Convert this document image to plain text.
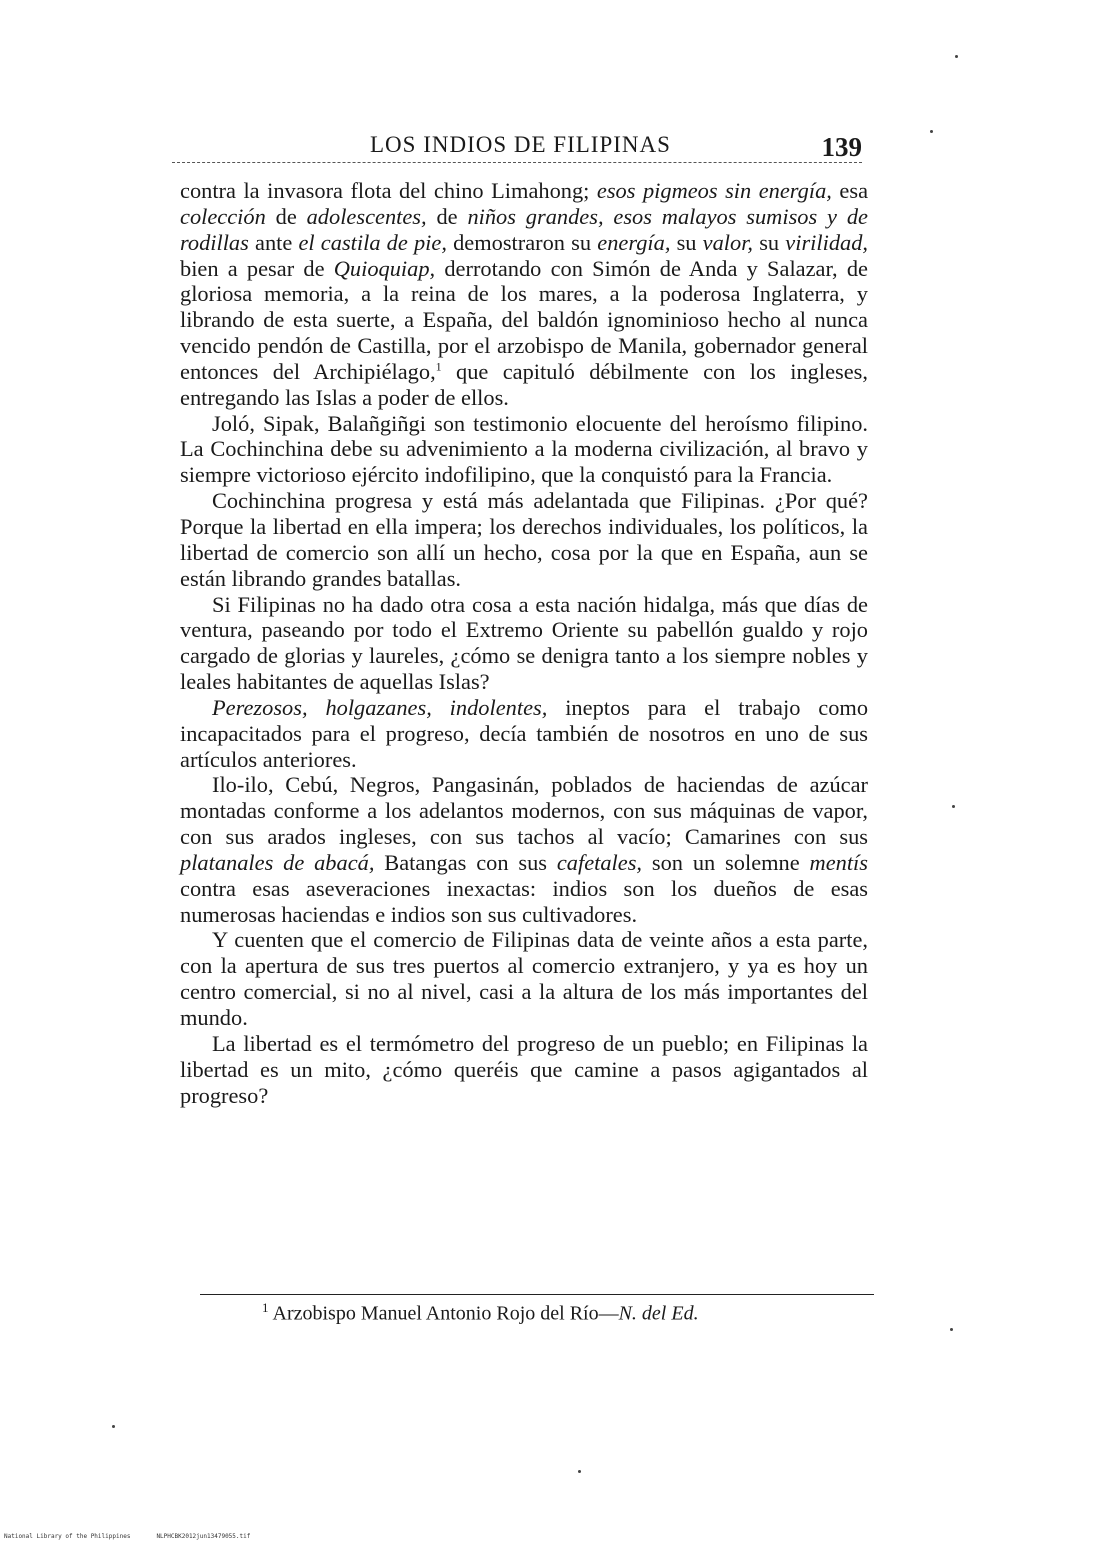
LOS INDIOS DE FILIPINAS	139

contra la invasora flota del chino Limahong; esos pigmeos sin energía, esa colección de adolescentes, de niños grandes, esos malayos sumisos y de rodillas ante el castila de pie, demostraron su energía, su valor, su virilidad, bien a pesar de Quioquiap, derrotando con Simón de Anda y Salazar, de gloriosa memoria, a la reina de los mares, a la poderosa Inglaterra, y librando de esta suerte, a España, del baldón ignominioso hecho al nunca vencido pendón de Castilla, por el arzobispo de Manila, gobernador general entonces del Archipiélago,$^1$ que capituló débilmente con los ingleses, entregando las Islas a poder de ellos.

Joló, Sipak, Balañgiñgi son testimonio elocuente del heroísmo filipino. La Cochinchina debe su advenimiento a la moderna civilización, al bravo y siempre victorioso ejército indofilipino, que la conquistó para la Francia.

Cochinchina progresa y está más adelantada que Filipinas. ¿Por qué? Porque la libertad en ella impera; los derechos individuales, los políticos, la libertad de comercio son allí un hecho, cosa por la que en España, aun se están librando grandes batallas.

Si Filipinas no ha dado otra cosa a esta nación hidalga, más que días de ventura, paseando por todo el Extremo Oriente su pabellón gualdo y rojo cargado de glorias y laureles, ¿cómo se denigra tanto a los siempre nobles y leales habitantes de aquellas Islas?

Perezosos, holgazanes, indolentes, ineptos para el trabajo como incapacitados para el progreso, decía también de nosotros en uno de sus artículos anteriores.

Ilo-ilo, Cebú, Negros, Pangasinán, poblados de haciendas de azúcar montadas conforme a los adelantos modernos, con sus máquinas de vapor, con sus arados ingleses, con sus tachos al vacío; Camarines con sus platanales de abacá, Batangas con sus cafetales, son un solemne mentís contra esas aseveraciones inexactas: indios son los dueños de esas numerosas haciendas e indios son sus cultivadores.

Y cuenten que el comercio de Filipinas data de veinte años a esta parte, con la apertura de sus tres puertos al comercio extranjero, y ya es hoy un centro comercial, si no al nivel, casi a la altura de los más importantes del mundo.

La libertad es el termómetro del progreso de un pueblo; en Filipinas la libertad es un mito, ¿cómo queréis que camine a pasos agigantados al progreso?

$^1$ Arzobispo Manuel Antonio Rojo del Río—N. del Ed.
National Library of the Philippines	NLPHCBK2012jun13479055.tif
